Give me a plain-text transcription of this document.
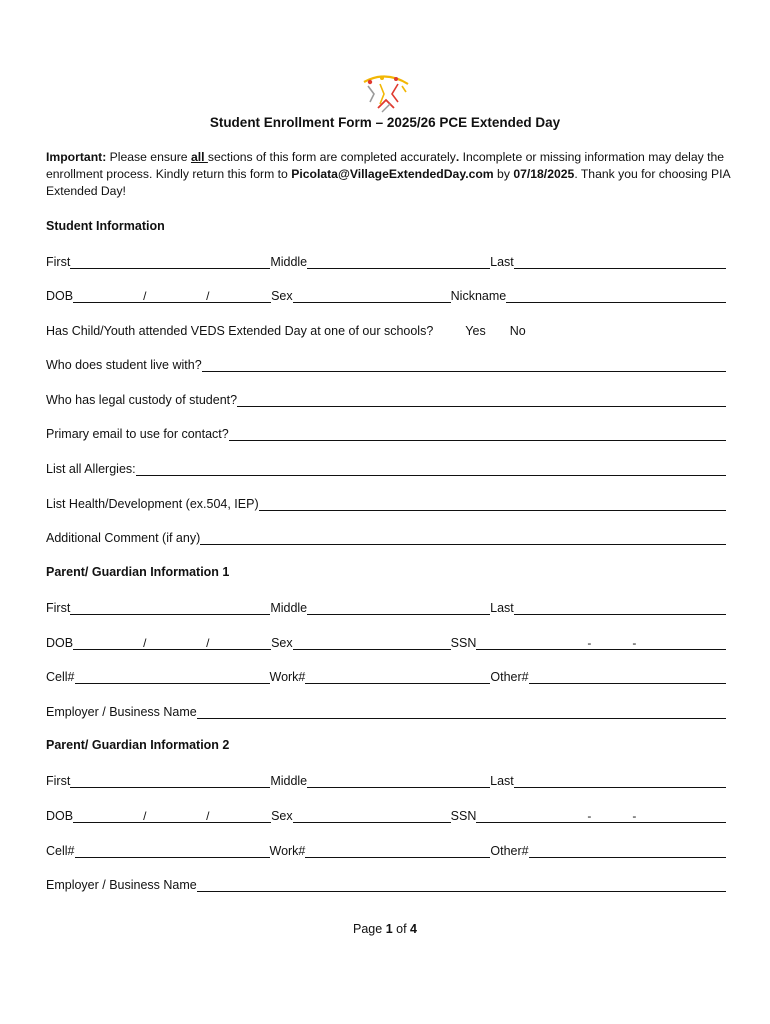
Student Enrollment Form – 2025/26 PCE Extended Day
Important: Please ensure all sections of this form are completed accurately. Incomplete or missing information may delay the enrollment process. Kindly return this form to Picolata@VillageExtendedDay.com by 07/18/2025. Thank you for choosing PIA Extended Day!
Student Information
First	Middle	Last
DOB	/	/	Sex	Nickname
Has Child/Youth attended VEDS Extended Day at one of our schools?	Yes No
Who does student live with?
Who has legal custody of student?
Primary email to use for contact?
List all Allergies:
List Health/Development (ex.504, IEP)
Additional Comment (if any)
Parent/ Guardian Information 1
First	Middle	Last
DOB	/	/	Sex	SSN	-	-
Cell#	Work#	Other#
Employer / Business Name
Parent/ Guardian Information 2
First	Middle	Last
DOB	/	/	Sex	SSN	-	-
Cell#	Work#	Other#
Employer / Business Name
Page 1 of 4
